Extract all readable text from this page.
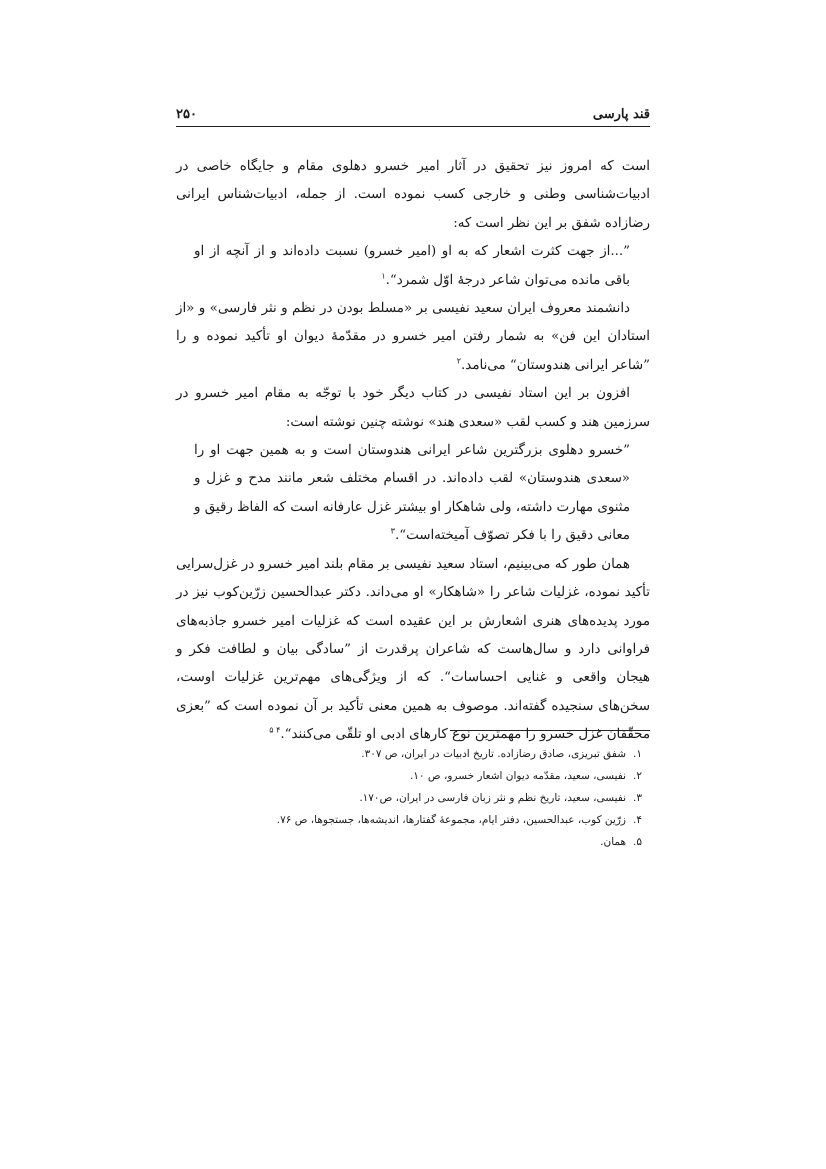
قند پارسی
۲۵۰

است که امروز نیز تحقیق در آثار امیر خسرو دهلوی مقام و جایگاه خاصی در ادبیات‌شناسی وطنی و خارجی کسب نموده است. از جمله، ادبیات‌شناس ایرانی رضازاده شفق بر این نظر است که:

”...از جهت کثرت اشعار که به او (امیر خسرو) نسبت داده‌اند و از آنچه از او باقی مانده می‌توان شاعر درجهٔ اوّل شمرد“.$^۱$

دانشمند معروف ایران سعید نفیسی بر «مسلط بودن در نظم و نثر فارسی» و «از استادان این فن» به شمار رفتن امیر خسرو در مقدّمهٔ دیوان او تأکید نموده و را ”شاعر ایرانی هندوستان“ می‌نامد.$^۲$

افزون بر این استاد نفیسی در کتاب دیگر خود با توجّه به مقام امیر خسرو در سرزمین هند و کسب لقب «سعدی هند» نوشته چنین نوشته است:

”خسرو دهلوی بزرگترین شاعر ایرانی هندوستان است و به همین جهت او را «سعدی هندوستان» لقب داده‌اند. در اقسام مختلف شعر مانند مدح و غزل و مثنوی مهارت داشته، ولی شاهکار او بیشتر غزل عارفانه است که الفاظ رقیق و معانی دقیق را با فکر تصوّف آمیخته‌است“.$^۳$

همان طور که می‌بینیم، استاد سعید نفیسی بر مقام بلند امیر خسرو در غزل‌سرایی تأکید نموده، غزلیات شاعر را «شاهکار» او می‌داند. دکتر عبدالحسین زرّین‌کوب نیز در مورد پدیده‌های هنری اشعارش بر این عقیده است که غزلیات امیر خسرو جاذبه‌های فراوانی دارد و سال‌هاست که شاعران پرقدرت از ”سادگی بیان و لطافت فکر و هیجان واقعی و غنایی احساسات“. که از ویژگی‌های مهم‌ترین غزلیات اوست، سخن‌های سنجیده گفته‌اند. موصوف به همین معنی تأکید بر آن نموده است که ”بعزی محقّقان غزل خسرو را مهمترین نوع کارهای ادبی او تلقّی می‌کنند“.$^{۴ ۵}$

۱.
شفق تبریزی، صادق رضازاده. تاریخ ادبیات در ایران، ص ۳۰۷.
۲.
نفیسی، سعید، مقدّمه دیوان اشعار خسرو، ص ۱۰.
۳.
نفیسی، سعید، تاریخ نظم و نثر زبان فارسی در ایران، ص۱۷۰.
۴.
زرّین کوب، عبدالحسین، دفتر ایام، مجموعهٔ گفتارها، اندیشه‌ها، جستجوها، ص ۷۶.
۵.
همان.
